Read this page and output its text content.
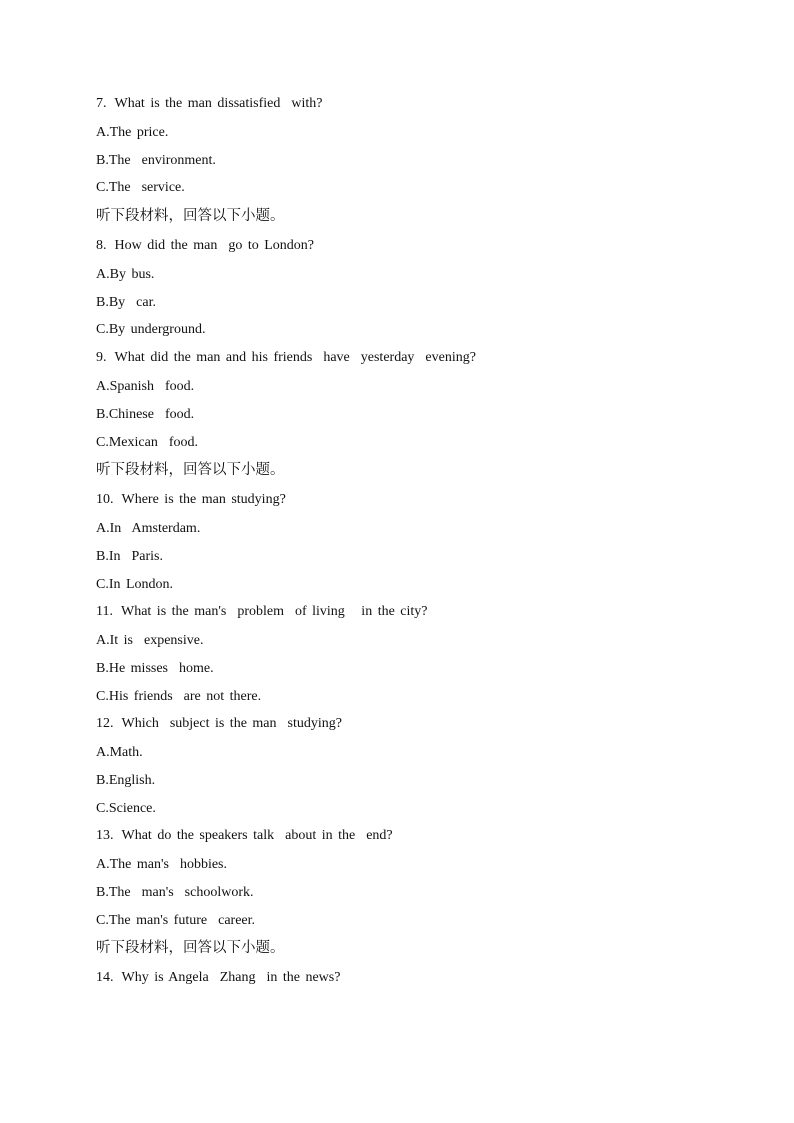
7. What is the man dissatisfied  with?
A.The price.
B.The  environment.
C.The  service.
听下段材料，回答以下小题。
8. How did the man  go to London?
A.By bus.
B.By  car.
C.By underground.
9. What did the man and his friends  have  yesterday  evening?
A.Spanish  food.
B.Chinese  food.
C.Mexican  food.
听下段材料，回答以下小题。
10. Where is the man studying?
A.In  Amsterdam.
B.In  Paris.
C.In London.
11. What is the man's  problem  of living   in the city?
A.It is  expensive.
B.He misses  home.
C.His friends  are not there.
12. Which  subject is the man  studying?
A.Math.
B.English.
C.Science.
13. What do the speakers talk  about in the  end?
A.The man's  hobbies.
B.The  man's  schoolwork.
C.The man's future  career.
听下段材料，回答以下小题。
14. Why is Angela  Zhang  in the news?
